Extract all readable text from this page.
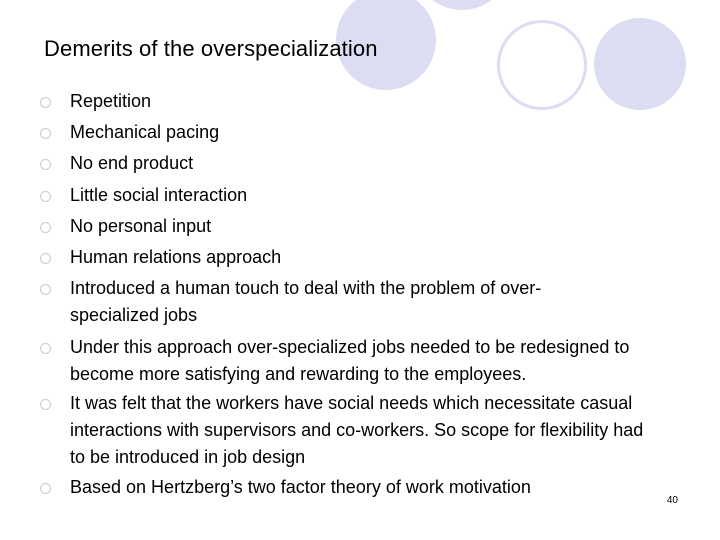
Demerits of the overspecialization
Repetition
Mechanical pacing
No end product
Little social interaction
No personal input
Human relations approach
Introduced a human touch to deal with the problem of over-specialized jobs
Under this approach over-specialized jobs needed to be redesigned to become more satisfying and rewarding to the employees.
It was felt that the workers have social needs which necessitate casual interactions with supervisors and co-workers. So scope for flexibility had to be introduced in job design
Based on Hertzberg’s two factor theory of work motivation
40
